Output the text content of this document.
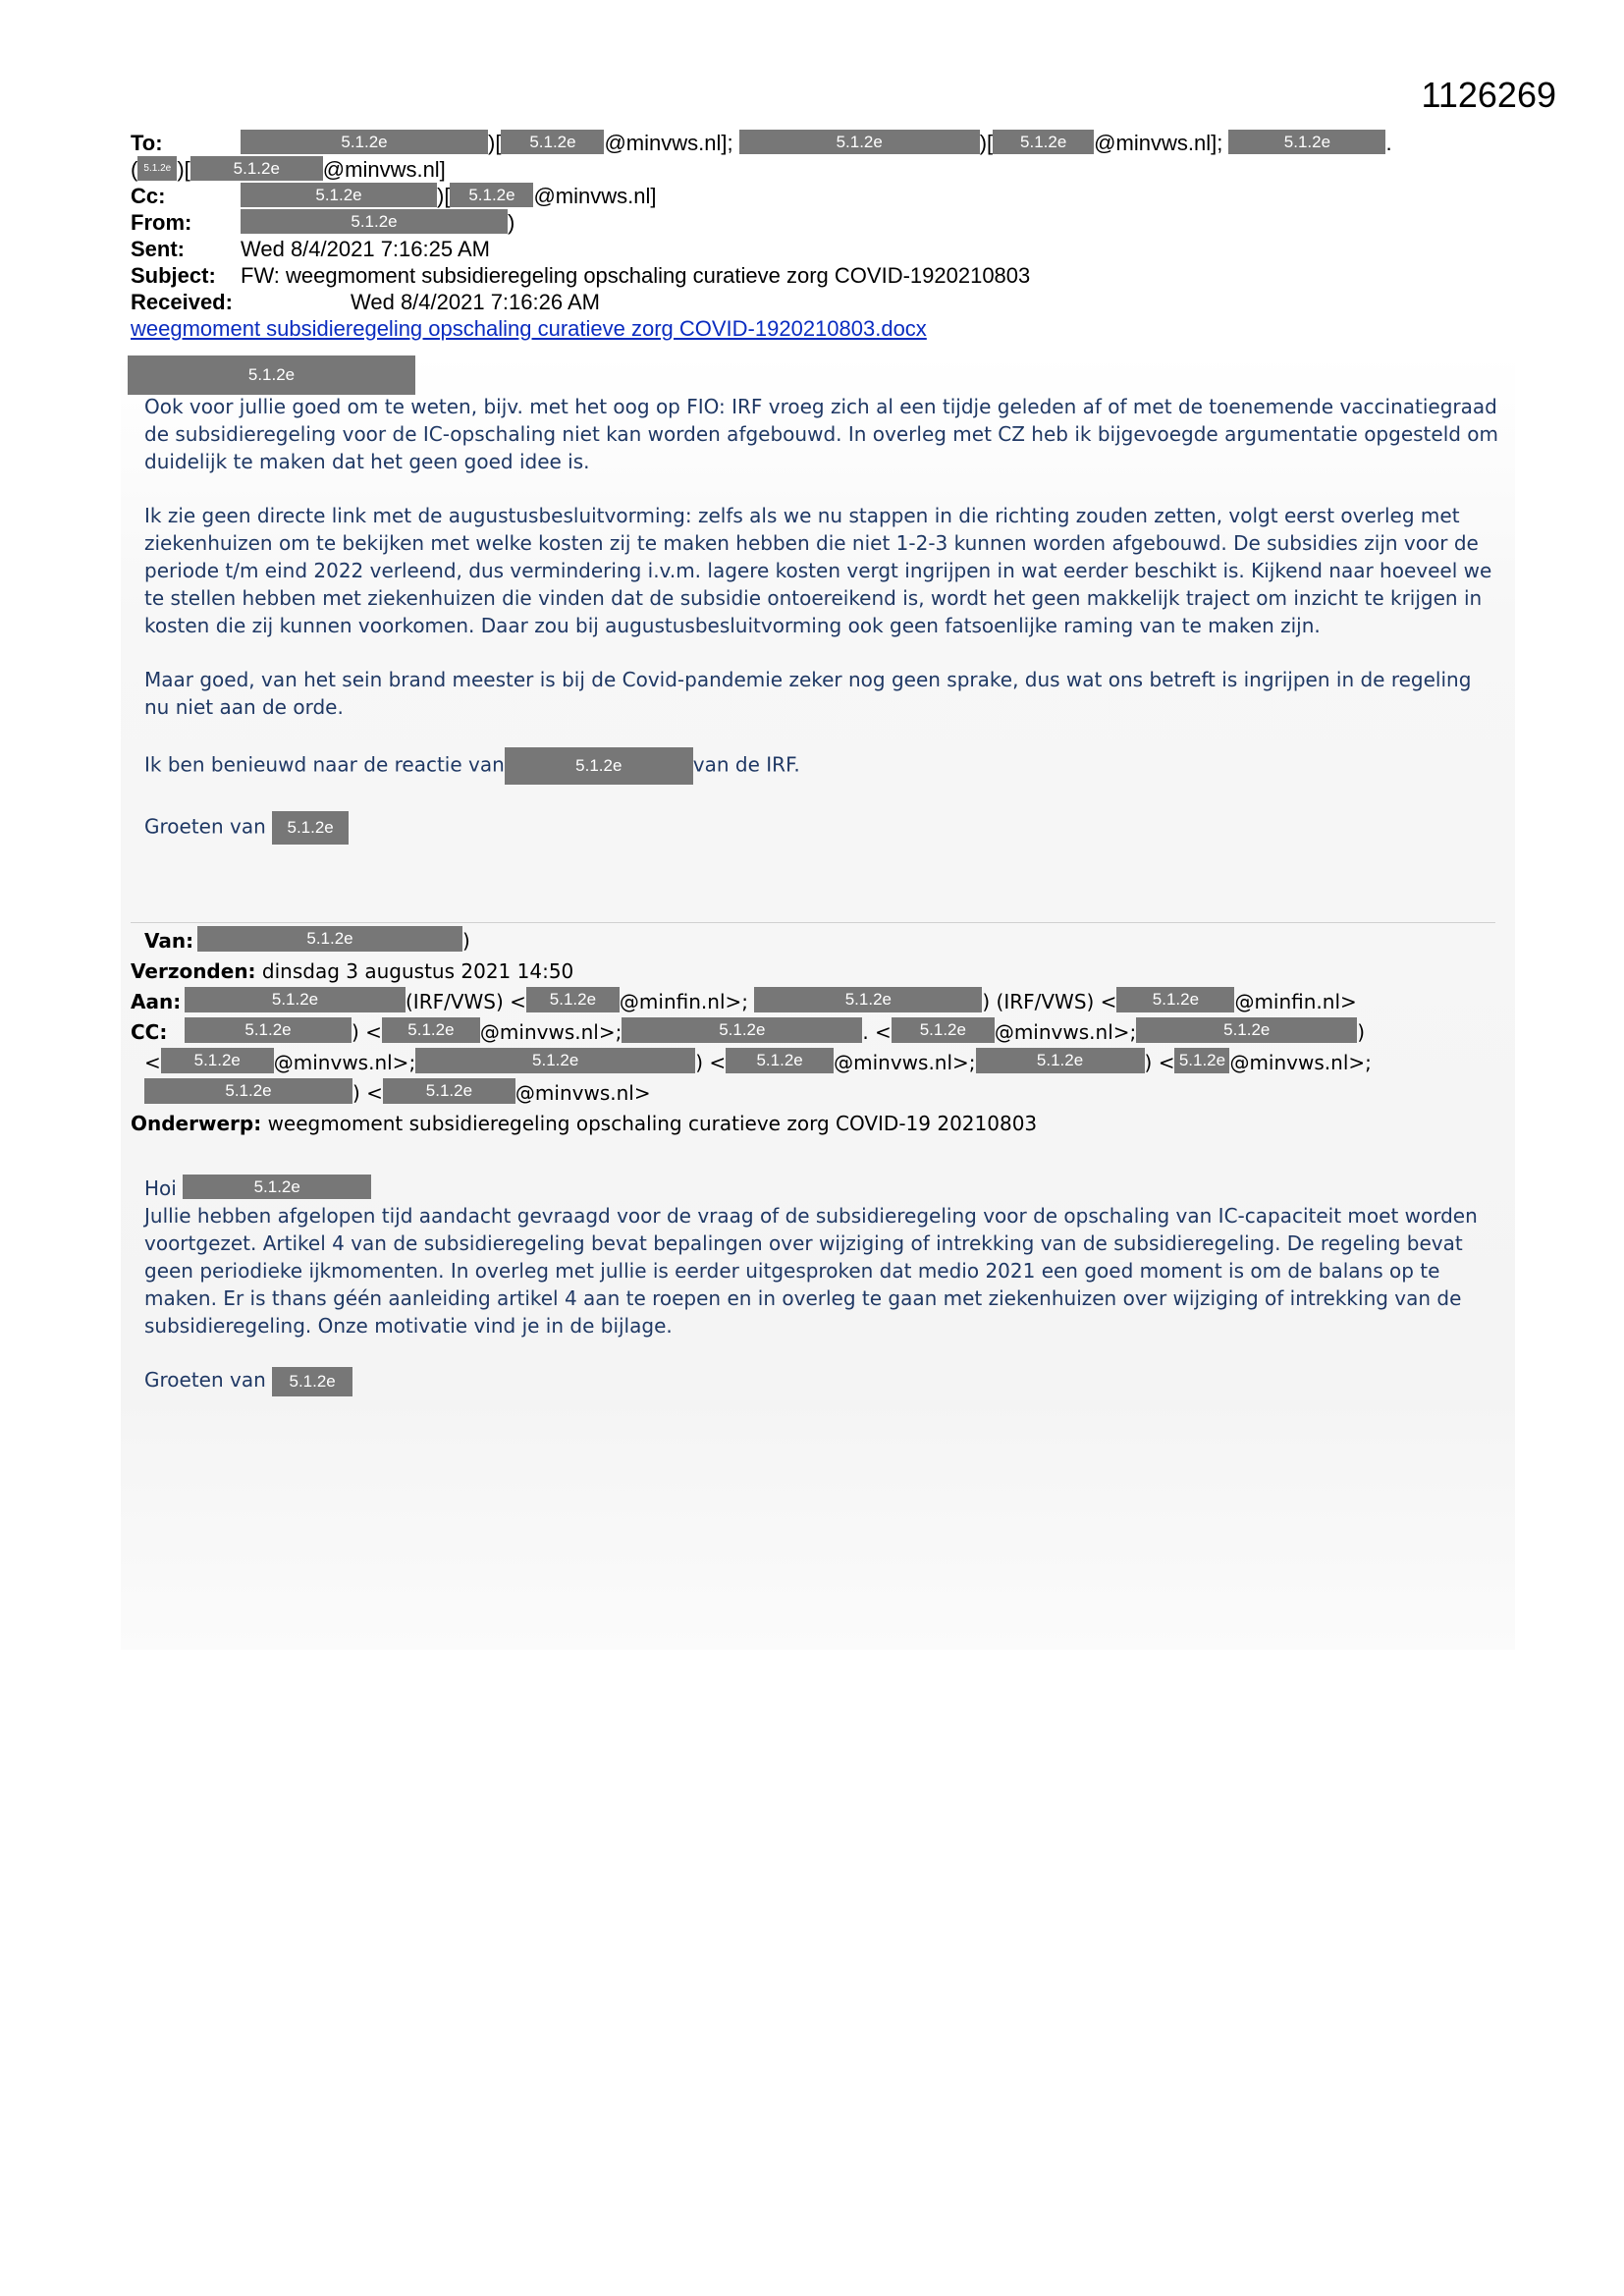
1126269
To:	5.1.2e	)[ 5.1.2e @minvws.nl];	5.1.2e	)[ 5.1.2e @minvws.nl];	5.1.2e	.
( 5.1.2e )[	5.1.2e @minvws.nl]
Cc:	5.1.2e	)[ 5.1.2e @minvws.nl]
From:	5.1.2e	)
Sent:	Wed 8/4/2021 7:16:25 AM
Subject: FW: weegmoment subsidieregeling opschaling curatieve zorg COVID-1920210803
Received:	Wed 8/4/2021 7:16:26 AM
weegmoment subsidieregeling opschaling curatieve zorg COVID-1920210803.docx
5.1.2e

Ook voor jullie goed om te weten, bijv. met het oog op FIO: IRF vroeg zich al een tijdje geleden af of met de toenemende vaccinatiegraad de subsidieregeling voor de IC-opschaling niet kan worden afgebouwd. In overleg met CZ heb ik bijgevoegde argumentatie opgesteld om duidelijk te maken dat het geen goed idee is.

Ik zie geen directe link met de augustusbesluitvorming: zelfs als we nu stappen in die richting zouden zetten, volgt eerst overleg met ziekenhuizen om te bekijken met welke kosten zij te maken hebben die niet 1-2-3 kunnen worden afgebouwd. De subsidies zijn voor de periode t/m eind 2022 verleend, dus vermindering i.v.m. lagere kosten vergt ingrijpen in wat eerder beschikt is. Kijkend naar hoeveel we te stellen hebben met ziekenhuizen die vinden dat de subsidie ontoereikend is, wordt het geen makkelijk traject om inzicht te krijgen in kosten die zij kunnen voorkomen. Daar zou bij augustusbesluitvorming ook geen fatsoenlijke raming van te maken zijn.

Maar goed, van het sein brand meester is bij de Covid-pandemie zeker nog geen sprake, dus wat ons betreft is ingrijpen in de regeling nu niet aan de orde.

Ik ben benieuwd naar de reactie van	5.1.2e	van de IRF.

Groeten van 5.1.2e

Van:	5.1.2e	)
Verzonden: dinsdag 3 augustus 2021 14:50
Aan:	5.1.2e	(IRF/VWS) < 5.1.2e @minfin.nl>;	5.1.2e	) (IRF/VWS) < 5.1.2e @minfin.nl>
CC:	5.1.2e	) < 5.1.2e @minvws.nl>;	5.1.2e	. < 5.1.2e @minvws.nl>;	5.1.2e	)
< 5.1.2e @minvws.nl>;	5.1.2e	) < 5.1.2e @minvws.nl>;	5.1.2e	) < 5.1.2e @minvws.nl>;
5.1.2e	) <	5.1.2e @minvws.nl>
Onderwerp: weegmoment subsidieregeling opschaling curatieve zorg COVID-19 20210803
Hoi	5.1.2e

Jullie hebben afgelopen tijd aandacht gevraagd voor de vraag of de subsidieregeling voor de opschaling van IC-capaciteit moet worden voortgezet. Artikel 4 van de subsidieregeling bevat bepalingen over wijziging of intrekking van de subsidieregeling. De regeling bevat geen periodieke ijkmomenten. In overleg met jullie is eerder uitgesproken dat medio 2021 een goed moment is om de balans op te maken. Er is thans géén aanleiding artikel 4 aan te roepen en in overleg te gaan met ziekenhuizen over wijziging of intrekking van de subsidieregeling. Onze motivatie vind je in de bijlage.

Groeten van 5.1.2e
